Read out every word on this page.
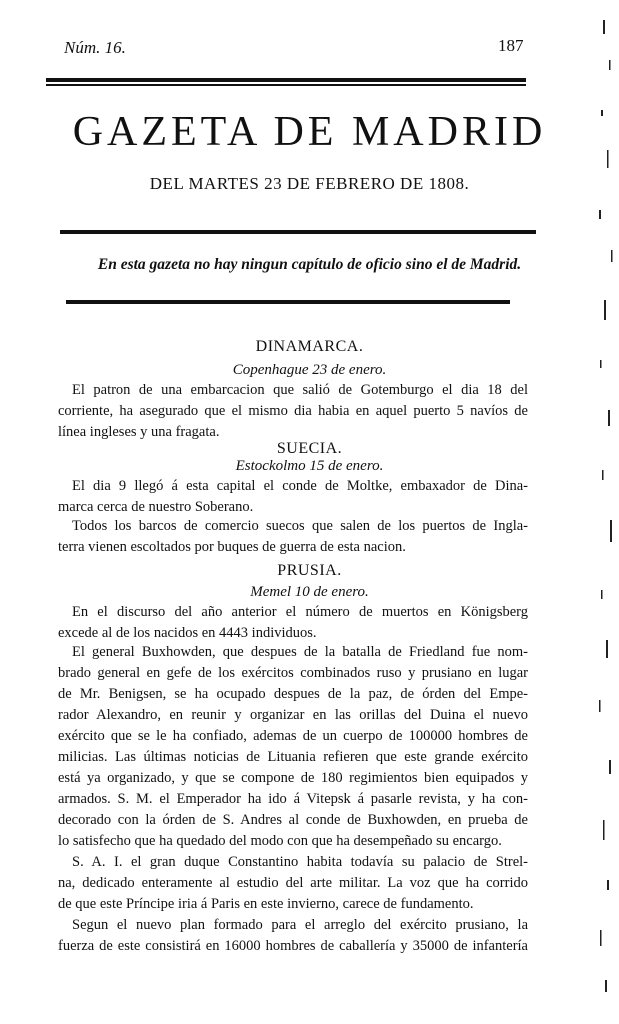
Núm. 16.	187
GAZETA DE MADRID
DEL MARTES 23 DE FEBRERO DE 1808.
En esta gazeta no hay ningun capítulo de oficio sino el de Madrid.
DINAMARCA.
Copenhague 23 de enero.
El patron de una embarcacion que salió de Gotemburgo el dia 18 del
corriente, ha asegurado que el mismo dia habia en aquel puerto 5 navíos de
línea ingleses y una fragata.
SUECIA.
Estockolmo 15 de enero.
El dia 9 llegó á esta capital el conde de Moltke, embaxador de Dina-
marca cerca de nuestro Soberano.
Todos los barcos de comercio suecos que salen de los puertos de Ingla-
terra vienen escoltados por buques de guerra de esta nacion.
PRUSIA.
Memel 10 de enero.
En el discurso del año anterior el número de muertos en Königsberg
excede al de los nacidos en 4443 individuos.
El general Buxhowden, que despues de la batalla de Friedland fue nom-
brado general en gefe de los exércitos combinados ruso y prusiano en lugar
de Mr. Benigsen, se ha ocupado despues de la paz, de órden del Empe-
rador Alexandro, en reunir y organizar en las orillas del Duina el nuevo
exército que se le ha confiado, ademas de un cuerpo de 100000 hombres de
milicias. Las últimas noticias de Lituania refieren que este grande exército
está ya organizado, y que se compone de 180 regimientos bien equipados y
armados. S. M. el Emperador ha ido á Vitepsk á pasarle revista, y ha con-
decorado con la órden de S. Andres al conde de Buxhowden, en prueba de
lo satisfecho que ha quedado del modo con que ha desempeñado su encargo.
S. A. I. el gran duque Constantino habita todavía su palacio de Strel-
na, dedicado enteramente al estudio del arte militar. La voz que ha corrido
de que este Príncipe iria á Paris en este invierno, carece de fundamento.
Segun el nuevo plan formado para el arreglo del exército prusiano, la
fuerza de este consistirá en 16000 hombres de caballería y 35000 de infantería
